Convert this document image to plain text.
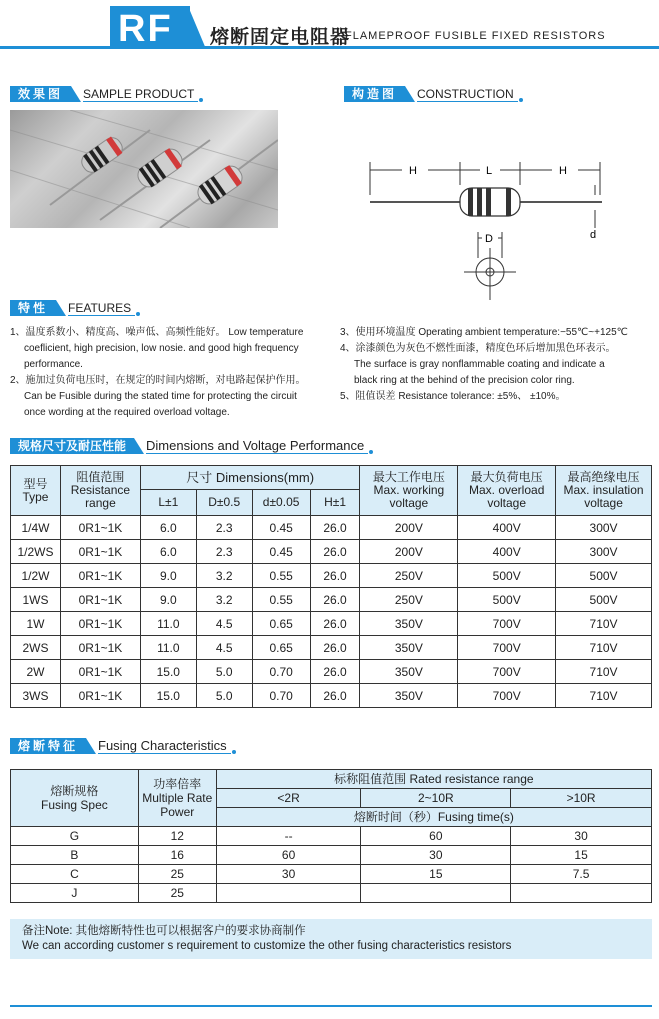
RF 熔断固定电阻器
FLAMEPROOF FUSIBLE FIXED RESISTORS
效果图	SAMPLE PRODUCT	构造图	CONSTRUCTION
H	L	H
d
D
特性	FEATURES

1、温度系数小、精度高、噪声低、高频性能好。 Low temperature

coeflicient, high precision, low nosie. and good high frequency

performance.

2、施加过负荷电压时，在规定的时间内熔断，对电路起保护作用。

Can be Fusible during the stated time for protecting the circuit

once wording at the required overload voltage.

3、使用环境温度 Operating ambient temperature:−55℃~+125℃

4、涂漆颜色为灰色不燃性面漆，精度色环后增加黑色环表示。

The surface is gray nonflammable coating and indicate a

black ring at the behind of the precision color ring.

5、阻值误差 Resistance tolerance: ±5%、 ±10%。

规格尺寸及耐压性能	Dimensions and Voltage Performance
型号
Type	阻值范围
Resistance
range	尺寸 Dimensions(mm)				最大工作电压
Max. working
voltage	最大负荷电压
Max. overload
voltage	最高绝缘电压
Max. insulation
voltage
		L±1	D±0.5	d±0.05	H±1			
1/4W	0R1~1K	6.0	2.3	0.45	26.0	200V	400V	300V
1/2WS	0R1~1K	6.0	2.3	0.45	26.0	200V	400V	300V
1/2W	0R1~1K	9.0	3.2	0.55	26.0	250V	500V	500V
1WS	0R1~1K	9.0	3.2	0.55	26.0	250V	500V	500V
1W	0R1~1K	11.0	4.5	0.65	26.0	350V	700V	710V
2WS	0R1~1K	11.0	4.5	0.65	26.0	350V	700V	710V
2W	0R1~1K	15.0	5.0	0.70	26.0	350V	700V	710V
3WS	0R1~1K	15.0	5.0	0.70	26.0	350V	700V	710V
熔断特征	Fusing Characteristics
熔断规格
Fusing Spec	功率倍率
Multiple Rate
Power	标称阻值范围 Rated resistance range		
		<2R	2~10R	>10R
		熔断时间（秒）Fusing time(s)		
G	12	--	60	30
B	16	60	30	15
C	25	30	15	7.5
J	25			
备注Note: 其他熔断特性也可以根据客户的要求协商制作
We can according customer s requirement to customize the other fusing characteristics resistors
